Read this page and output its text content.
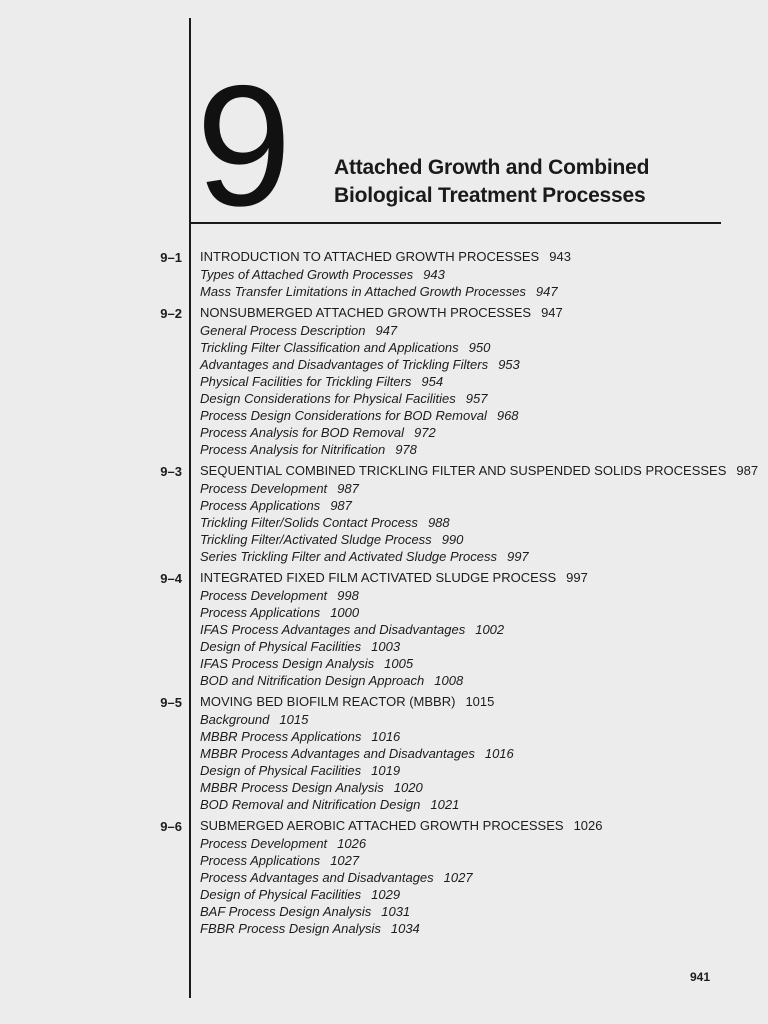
9 Attached Growth and Combined
Biological Treatment Processes
9–1 INTRODUCTION TO ATTACHED GROWTH PROCESSES 943
Types of Attached Growth Processes 943
Mass Transfer Limitations in Attached Growth Processes 947
9–2 NONSUBMERGED ATTACHED GROWTH PROCESSES 947
General Process Description 947
Trickling Filter Classification and Applications 950
Advantages and Disadvantages of Trickling Filters 953
Physical Facilities for Trickling Filters 954
Design Considerations for Physical Facilities 957
Process Design Considerations for BOD Removal 968
Process Analysis for BOD Removal 972
Process Analysis for Nitrification 978
9–3 SEQUENTIAL COMBINED TRICKLING FILTER AND SUSPENDED SOLIDS PROCESSES 987
Process Development 987
Process Applications 987
Trickling Filter/Solids Contact Process 988
Trickling Filter/Activated Sludge Process 990
Series Trickling Filter and Activated Sludge Process 997
9–4 INTEGRATED FIXED FILM ACTIVATED SLUDGE PROCESS 997
Process Development 998
Process Applications 1000
IFAS Process Advantages and Disadvantages 1002
Design of Physical Facilities 1003
IFAS Process Design Analysis 1005
BOD and Nitrification Design Approach 1008
9–5 MOVING BED BIOFILM REACTOR (MBBR) 1015
Background 1015
MBBR Process Applications 1016
MBBR Process Advantages and Disadvantages 1016
Design of Physical Facilities 1019
MBBR Process Design Analysis 1020
BOD Removal and Nitrification Design 1021
9–6 SUBMERGED AEROBIC ATTACHED GROWTH PROCESSES 1026
Process Development 1026
Process Applications 1027
Process Advantages and Disadvantages 1027
Design of Physical Facilities 1029
BAF Process Design Analysis 1031
FBBR Process Design Analysis 1034
941
